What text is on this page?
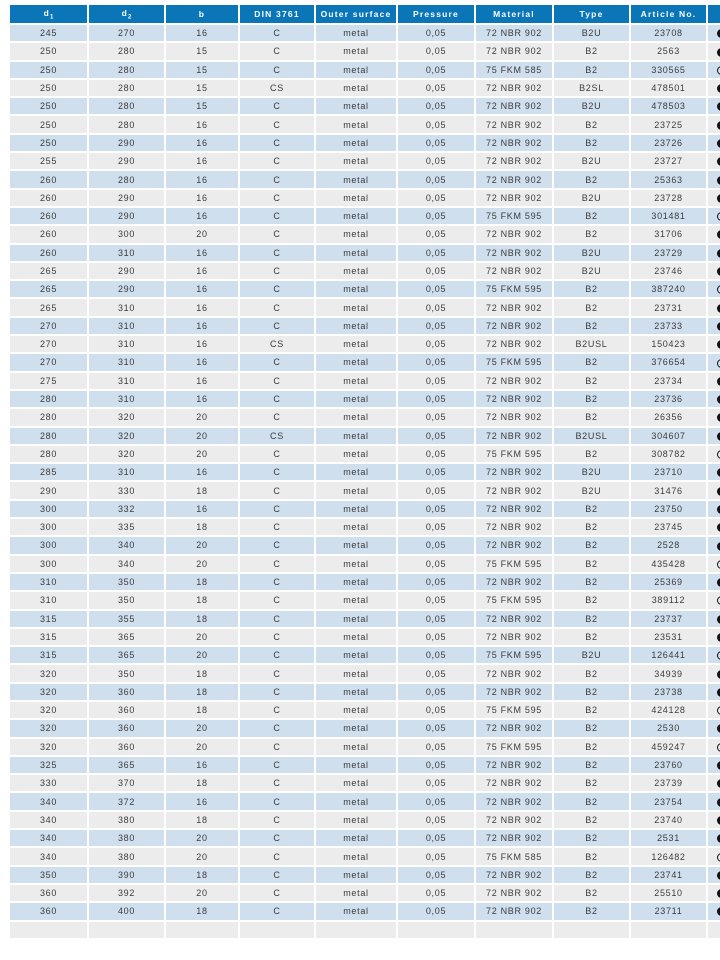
$d_1$	$d_2$	b	DIN 3761	Outer surface	Pressure	Material	Type	Article No.	
245	270	16	C	metal	0,05	72 NBR 902	B2U	23708	
250	280	15	C	metal	0,05	72 NBR 902	B2	2563	
250	280	15	C	metal	0,05	75 FKM 585	B2	330565	
250	280	15	CS	metal	0,05	72 NBR 902	B2SL	478501	
250	280	15	C	metal	0,05	72 NBR 902	B2U	478503	
250	280	16	C	metal	0,05	72 NBR 902	B2	23725	
250	290	16	C	metal	0,05	72 NBR 902	B2	23726	
255	290	16	C	metal	0,05	72 NBR 902	B2U	23727	
260	280	16	C	metal	0,05	72 NBR 902	B2	25363	
260	290	16	C	metal	0,05	72 NBR 902	B2U	23728	
260	290	16	C	metal	0,05	75 FKM 595	B2	301481	
260	300	20	C	metal	0,05	72 NBR 902	B2	31706	
260	310	16	C	metal	0,05	72 NBR 902	B2U	23729	
265	290	16	C	metal	0,05	72 NBR 902	B2U	23746	
265	290	16	C	metal	0,05	75 FKM 595	B2	387240	
265	310	16	C	metal	0,05	72 NBR 902	B2	23731	
270	310	16	C	metal	0,05	72 NBR 902	B2	23733	
270	310	16	CS	metal	0,05	72 NBR 902	B2USL	150423	
270	310	16	C	metal	0,05	75 FKM 595	B2	376654	
275	310	16	C	metal	0,05	72 NBR 902	B2	23734	
280	310	16	C	metal	0,05	72 NBR 902	B2	23736	
280	320	20	C	metal	0,05	72 NBR 902	B2	26356	
280	320	20	CS	metal	0,05	72 NBR 902	B2USL	304607	
280	320	20	C	metal	0,05	75 FKM 595	B2	308782	
285	310	16	C	metal	0,05	72 NBR 902	B2U	23710	
290	330	18	C	metal	0,05	72 NBR 902	B2U	31476	
300	332	16	C	metal	0,05	72 NBR 902	B2	23750	
300	335	18	C	metal	0,05	72 NBR 902	B2	23745	
300	340	20	C	metal	0,05	72 NBR 902	B2	2528	
300	340	20	C	metal	0,05	75 FKM 595	B2	435428	
310	350	18	C	metal	0,05	72 NBR 902	B2	25369	
310	350	18	C	metal	0,05	75 FKM 595	B2	389112	
315	355	18	C	metal	0,05	72 NBR 902	B2	23737	
315	365	20	C	metal	0,05	72 NBR 902	B2	23531	
315	365	20	C	metal	0,05	75 FKM 595	B2U	126441	
320	350	18	C	metal	0,05	72 NBR 902	B2	34939	
320	360	18	C	metal	0,05	72 NBR 902	B2	23738	
320	360	18	C	metal	0,05	75 FKM 595	B2	424128	
320	360	20	C	metal	0,05	72 NBR 902	B2	2530	
320	360	20	C	metal	0,05	75 FKM 595	B2	459247	
325	365	16	C	metal	0,05	72 NBR 902	B2	23760	
330	370	18	C	metal	0,05	72 NBR 902	B2	23739	
340	372	16	C	metal	0,05	72 NBR 902	B2	23754	
340	380	18	C	metal	0,05	72 NBR 902	B2	23740	
340	380	20	C	metal	0,05	72 NBR 902	B2	2531	
340	380	20	C	metal	0,05	75 FKM 585	B2	126482	
350	390	18	C	metal	0,05	72 NBR 902	B2	23741	
360	392	20	C	metal	0,05	72 NBR 902	B2	25510	
360	400	18	C	metal	0,05	72 NBR 902	B2	23711	
